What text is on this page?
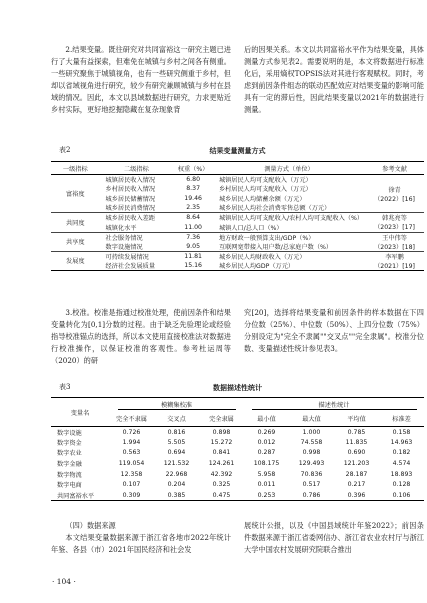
2.结果变量。既往研究对共同富裕这一研究主题已进行了大量有益探索，但难免在城镇与乡村之间各有侧重。一些研究聚焦于城镇视角，也有一些研究侧重于乡村，但却以省域视角进行研究，较少有研究兼顾城镇与乡村在县域的情况。因此，本文以县域数据进行研究，力求更贴近乡村实际，更好地挖掘隐藏在复杂现象背

后的因果关系。本文以共同富裕水平作为结果变量，具体测量方式参见表2。需要说明的是，本文将数据进行标准化后，采用熵权TOPSIS法对其进行客观赋权。同时，考虑到前因条件组态的联动匹配效应对结果变量的影响可能具有一定的滞后性，因此结果变量以2021年的数据进行测量。

表2	结果变量测量方式
一级指标	二级指标	权重（%）	测量方式（单位）	参考文献
富裕度	城镇居民收入情况	6.80	城镇居民人均可支配收入（万元）	徐青
（2022）[16]
	乡村居民收入情况	8.37	乡村居民人均可支配收入（万元）	
	城乡居民储蓄情况	19.46	城乡居民人均储蓄余额（万元）	
	城乡居民消费情况	2.35	城乡居民人均社会消费零售总额（万元）	
共同度	城乡居民收入差距	8.64	城镇居民人均可支配收入/农村人均可支配收入（%）	韩兆亮等
（2023）[17]
	城镇化水平	11.00	城镇人口/总人口（%）	
共享度	社会服务情况	7.36	地方财政一般预算支出/GDP（%）	王中伟等
（2023）[18]
	数字设施情况	9.05	互联网宽带接入用户数/总家庭户数（%）	
发展度	可持续发展情况	11.81	城乡居民人均财政收入（万元）	李军鹏
（2021）[19]
	经济社会发展质量	15.16	城乡居民人均GDP（万元）	

3.校准。校准是指通过校准处理，使前因条件和结果变量转化为[0,1]分数的过程。由于缺乏先验理论或经验指导校准锚点的选择，所以本文使用直接校准法对数据进行校准操作，以保证校准的客观性。参考杜运周等（2020）的研

究[20]，选择将结果变量和前因条件的样本数据在下四分位数（25%）、中位数（50%）、上四分位数（75%）分别设定为"完全不隶属""交叉点""完全隶属"。校准分位数、变量描述性统计参见表3。

表3	数据描述性统计
变量名	模糊集校准			描述性统计			
	完全不隶属	交叉点	完全隶属	最小值	最大值	平均值	标准差
数字设施	0.726	0.816	0.898	0.269	1.000	0.785	0.158
数字资金	1.994	5.505	15.272	0.012	74.558	11.835	14.963
数字农业	0.563	0.694	0.841	0.287	0.998	0.690	0.182
数字金融	119.054	121.532	124.261	108.175	129.493	121.203	4.574
数字物流	12.358	22.968	42.392	5.958	70.836	28.187	18.893
数字电商	0.107	0.204	0.325	0.011	0.517	0.217	0.128
共同富裕水平	0.309	0.385	0.475	0.253	0.786	0.396	0.106

（四）数据来源

本文结果变量数据来源于浙江省各地市2022年统计年鉴、各县（市）2021年国民经济和社会发

展统计公报，以及《中国县域统计年鉴2022》；前因条件数据来源于浙江省委网信办、浙江省农业农村厅与浙江大学中国农村发展研究院联合推出

· 104 ·
